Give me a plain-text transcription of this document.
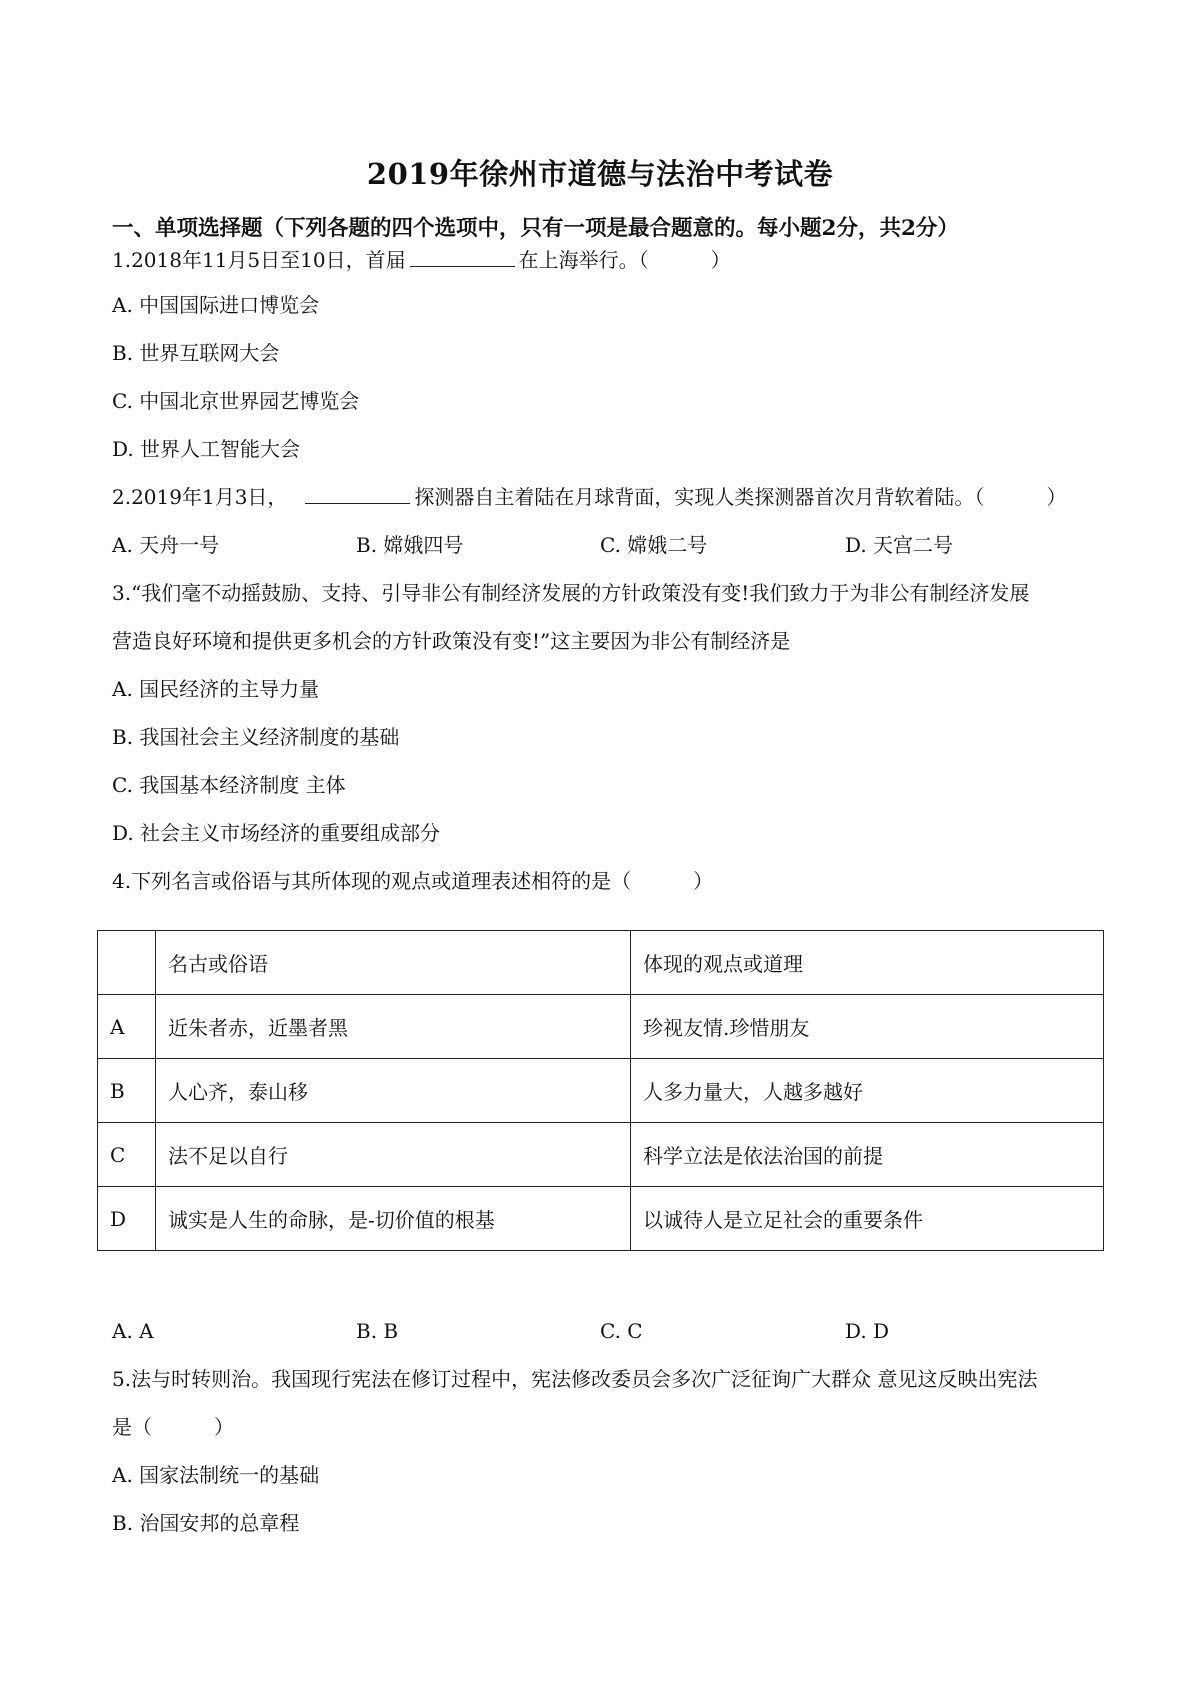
2019年徐州市道德与法治中考试卷
一、单项选择题（下列各题的四个选项中，只有一项是最合题意的。每小题2分，共2分）
1.2018年11月5日至10日，首届	在上海举行。（	）
A. 中国国际进口博览会
B. 世界互联网大会
C. 中国北京世界园艺博览会
D. 世界人工智能大会
2.2019年1月3日，	探测器自主着陆在月球背面，实现人类探测器首次月背软着陆。（	）
A. 天舟一号	B. 嫦娥四号	C. 嫦娥二号	D. 天宫二号
3.“我们毫不动摇鼓励、支持、引导非公有制经济发展的方针政策没有变!我们致力于为非公有制经济发展
营造良好环境和提供更多机会的方针政策没有变!”这主要因为非公有制经济是
A. 国民经济的主导力量
B. 我国社会主义经济制度的基础
C. 我国基本经济制度 主体
D. 社会主义市场经济的重要组成部分
4.下列名言或俗语与其所体现的观点或道理表述相符的是（	）
	名古或俗语	体现的观点或道理
A	近朱者赤，近墨者黑	珍视友情.珍惜朋友
B	人心齐，泰山移	人多力量大，人越多越好
C	法不足以自行	科学立法是依法治国的前提
D	诚实是人生的命脉，是-切价值的根基	以诚待人是立足社会的重要条件
A. A	B. B	C. C	D. D
5.法与时转则治。我国现行宪法在修订过程中，宪法修改委员会多次广泛征询广大群众 意见这反映出宪法
是（	）
A. 国家法制统一的基础
B. 治国安邦的总章程
